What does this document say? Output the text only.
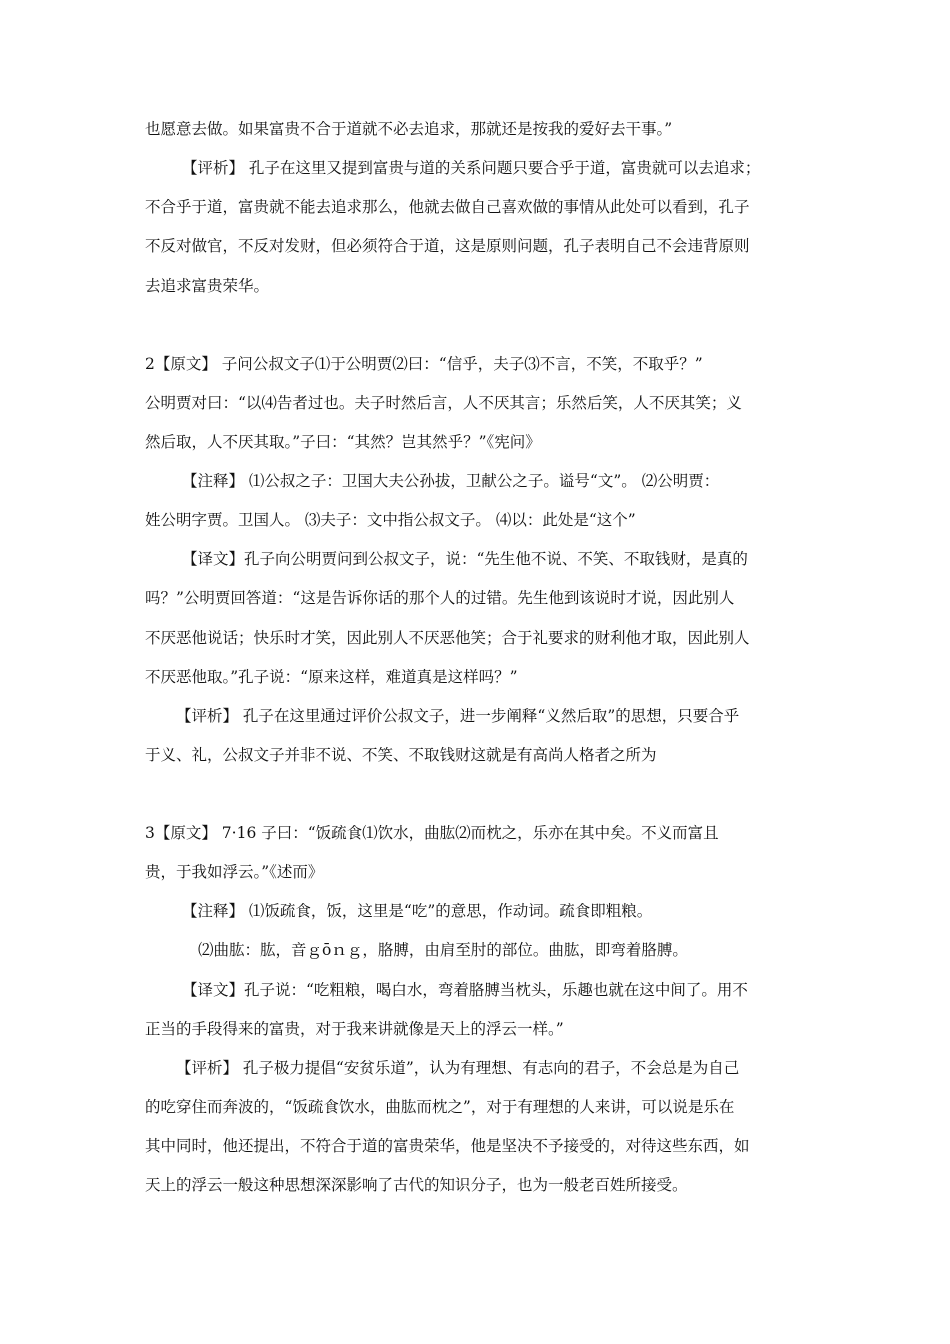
也愿意去做。如果富贵不合于道就不必去追求，那就还是按我的爱好去干事。”
【评析】 孔子在这里又提到富贵与道的关系问题只要合乎于道，富贵就可以去追求；
不合乎于道，富贵就不能去追求那么，他就去做自己喜欢做的事情从此处可以看到，孔子
不反对做官，不反对发财，但必须符合于道，这是原则问题，孔子表明自己不会违背原则
去追求富贵荣华。
2【原文】 子问公叔文子⑴于公明贾⑵曰：“信乎，夫子⑶不言，不笑，不取乎？”
公明贾对曰：“以⑷告者过也。夫子时然后言，人不厌其言；乐然后笑，人不厌其笑；义
然后取，人不厌其取。”子曰：“其然？岂其然乎？”《宪问》
【注释】 ⑴公叔之子：卫国大夫公孙拔，卫献公之子。谥号“文”。 ⑵公明贾：
姓公明字贾。卫国人。 ⑶夫子：文中指公叔文子。 ⑷以：此处是“这个”
【译文】孔子向公明贾问到公叔文子，说：“先生他不说、不笑、不取钱财，是真的
吗？”公明贾回答道：“这是告诉你话的那个人的过错。先生他到该说时才说，因此别人
不厌恶他说话；快乐时才笑，因此别人不厌恶他笑；合于礼要求的财利他才取，因此别人
不厌恶他取。”孔子说：“原来这样，难道真是这样吗？”
【评析】 孔子在这里通过评价公叔文子，进一步阐释“义然后取”的思想，只要合乎
于义、礼，公叔文子并非不说、不笑、不取钱财这就是有高尚人格者之所为
3【原文】 7·16 子曰：“饭疏食⑴饮水，曲肱⑵而枕之，乐亦在其中矣。不义而富且
贵，于我如浮云。”《述而》
【注释】 ⑴饭疏食，饭，这里是“吃”的意思，作动词。疏食即粗粮。
⑵曲肱：肱，音ｇōｎｇ，胳膊，由肩至肘的部位。曲肱，即弯着胳膊。
【译文】孔子说：“吃粗粮，喝白水，弯着胳膊当枕头，乐趣也就在这中间了。用不
正当的手段得来的富贵，对于我来讲就像是天上的浮云一样。”
【评析】 孔子极力提倡“安贫乐道”，认为有理想、有志向的君子，不会总是为自己
的吃穿住而奔波的，“饭疏食饮水，曲肱而枕之”，对于有理想的人来讲，可以说是乐在
其中同时，他还提出，不符合于道的富贵荣华，他是坚决不予接受的，对待这些东西，如
天上的浮云一般这种思想深深影响了古代的知识分子，也为一般老百姓所接受。
